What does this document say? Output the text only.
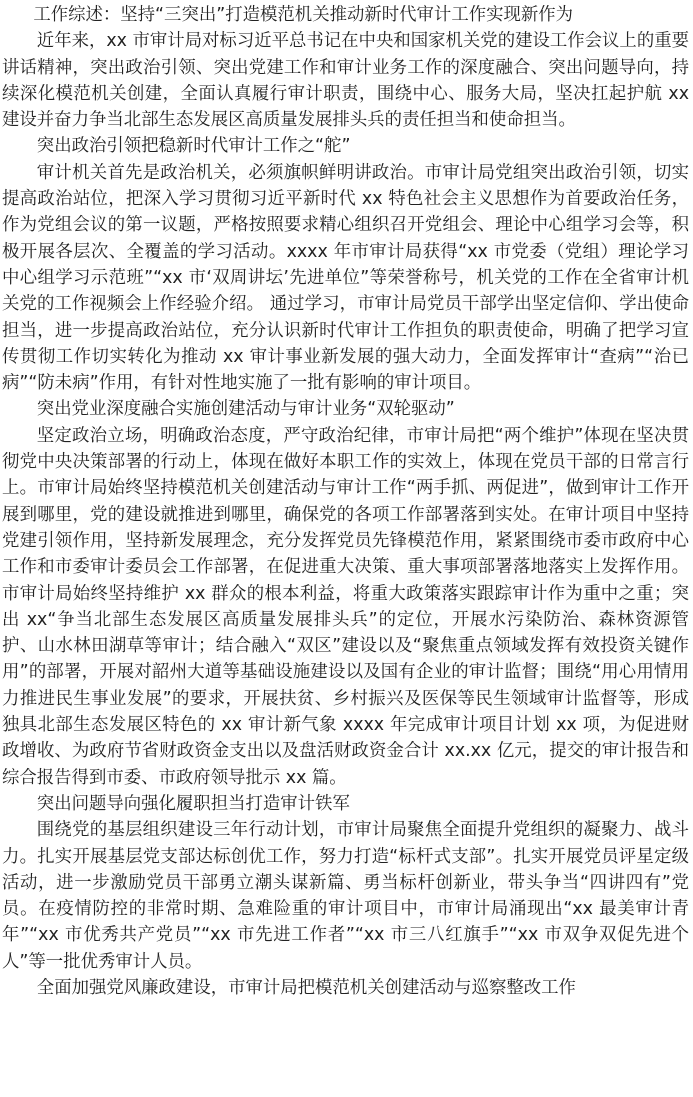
工作综述：坚持“三突出”打造模范机关推动新时代审计工作实现新作为

近年来，xx 市审计局对标习近平总书记在中央和国家机关党的建设工作会议上的重要讲话精神，突出政治引领、突出党建工作和审计业务工作的深度融合、突出问题导向，持续深化模范机关创建，全面认真履行审计职责，围绕中心、服务大局，坚决扛起护航 xx 建设并奋力争当北部生态发展区高质量发展排头兵的责任担当和使命担当。

突出政治引领把稳新时代审计工作之“舵”

审计机关首先是政治机关，必须旗帜鲜明讲政治。市审计局党组突出政治引领，切实提高政治站位，把深入学习贯彻习近平新时代 xx 特色社会主义思想作为首要政治任务，作为党组会议的第一议题，严格按照要求精心组织召开党组会、理论中心组学习会等，积极开展各层次、全覆盖的学习活动。xxxx 年市审计局获得“xx 市党委（党组）理论学习中心组学习示范班”“xx 市‘双周讲坛’先进单位”等荣誉称号，机关党的工作在全省审计机关党的工作视频会上作经验介绍。 通过学习，市审计局党员干部学出坚定信仰、学出使命担当，进一步提高政治站位，充分认识新时代审计工作担负的职责使命，明确了把学习宣传贯彻工作切实转化为推动 xx 审计事业新发展的强大动力，全面发挥审计“查病”“治已病”“防未病”作用，有针对性地实施了一批有影响的审计项目。

突出党业深度融合实施创建活动与审计业务“双轮驱动”

坚定政治立场，明确政治态度，严守政治纪律，市审计局把“两个维护”体现在坚决贯彻党中央决策部署的行动上，体现在做好本职工作的实效上，体现在党员干部的日常言行上。市审计局始终坚持模范机关创建活动与审计工作“两手抓、两促进”，做到审计工作开展到哪里，党的建设就推进到哪里，确保党的各项工作部署落到实处。在审计项目中坚持党建引领作用，坚持新发展理念，充分发挥党员先锋模范作用，紧紧围绕市委市政府中心工作和市委审计委员会工作部署，在促进重大决策、重大事项部署落地落实上发挥作用。市审计局始终坚持维护 xx 群众的根本利益，将重大政策落实跟踪审计作为重中之重；突出 xx“争当北部生态发展区高质量发展排头兵”的定位，开展水污染防治、森林资源管护、山水林田湖草等审计；结合融入“双区”建设以及“聚焦重点领域发挥有效投资关键作用”的部署，开展对韶州大道等基础设施建设以及国有企业的审计监督；围绕“用心用情用力推进民生事业发展”的要求，开展扶贫、乡村振兴及医保等民生领域审计监督等，形成独具北部生态发展区特色的 xx 审计新气象 xxxx 年完成审计项目计划 xx 项，为促进财政增收、为政府节省财政资金支出以及盘活财政资金合计 xx.xx 亿元，提交的审计报告和综合报告得到市委、市政府领导批示 xx 篇。

突出问题导向强化履职担当打造审计铁军

围绕党的基层组织建设三年行动计划，市审计局聚焦全面提升党组织的凝聚力、战斗力。扎实开展基层党支部达标创优工作，努力打造“标杆式支部”。扎实开展党员评星定级活动，进一步激励党员干部勇立潮头谋新篇、勇当标杆创新业，带头争当“四讲四有”党员。在疫情防控的非常时期、急难险重的审计项目中，市审计局涌现出“xx 最美审计青年”“xx 市优秀共产党员”“xx 市先进工作者”“xx 市三八红旗手”“xx 市双争双促先进个人”等一批优秀审计人员。

全面加强党风廉政建设，市审计局把模范机关创建活动与巡察整改工作
